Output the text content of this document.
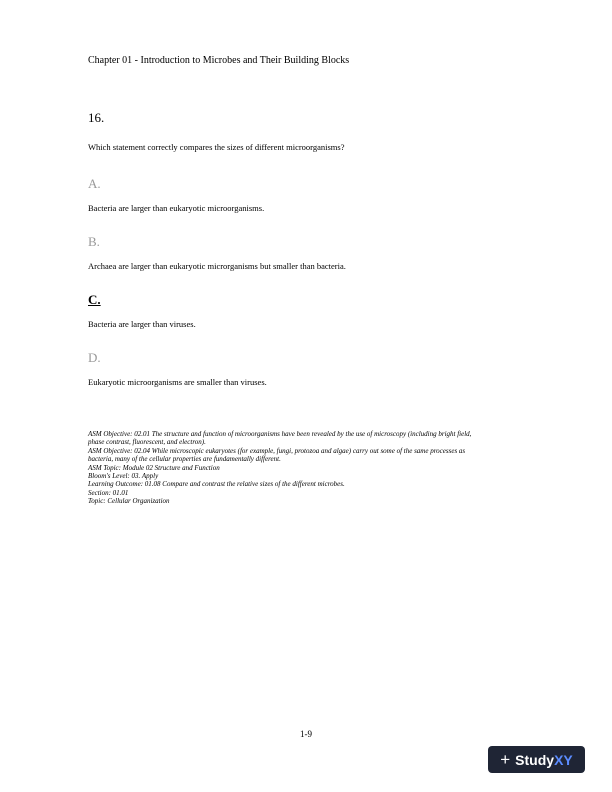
Chapter 01 - Introduction to Microbes and Their Building Blocks
16.
Which statement correctly compares the sizes of different microorganisms?
A.
Bacteria are larger than eukaryotic microorganisms.
B.
Archaea are larger than eukaryotic microrganisms but smaller than bacteria.
C.
Bacteria are larger than viruses.
D.
Eukaryotic microorganisms are smaller than viruses.
ASM Objective: 02.01 The structure and function of microorganisms have been revealed by the use of microscopy (including bright field,
phase contrast, fluorescent, and electron).
ASM Objective: 02.04 While microscopic eukaryotes (for example, fungi, protozoa and algae) carry out some of the same processes as
bacteria, many of the cellular properties are fundamentally different.
ASM Topic: Module 02 Structure and Function
Bloom's Level: 03. Apply
Learning Outcome: 01.08 Compare and contrast the relative sizes of the different microbes.
Section: 01.01
Topic: Cellular Organization
1-9
+ Study XY
